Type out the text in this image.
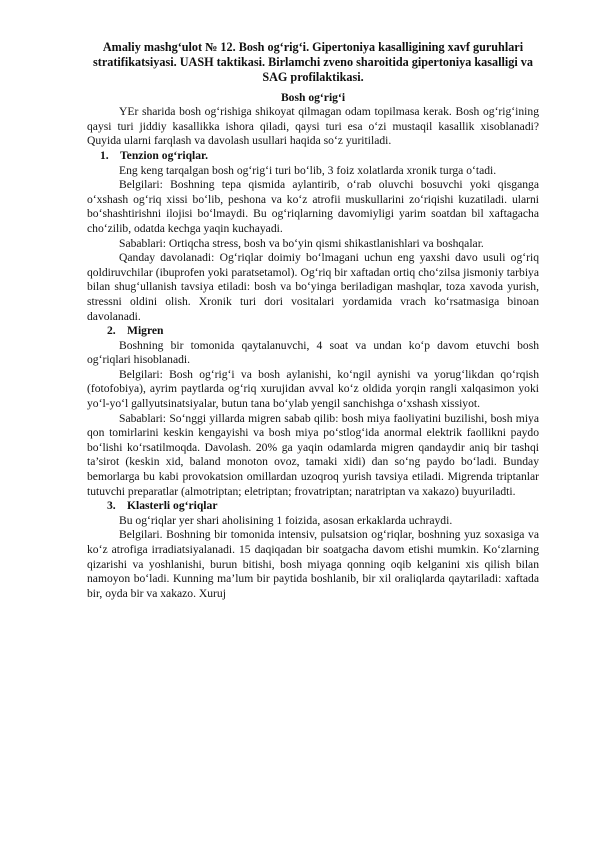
Amaliy mashg‘ulot № 12. Bosh og‘rig‘i. Gipertoniya kasalligining xavf guruhlari stratifikatsiyasi. UASH taktikasi. Birlamchi zveno sharoitida gipertoniya kasalligi va SAG profilaktikasi.
Bosh og‘rig‘i

YEr sharida bosh og‘rishiga shikoyat qilmagan odam topilmasa kerak. Bosh og‘rig‘ining qaysi turi jiddiy kasallikka ishora qiladi, qaysi turi esa o‘zi mustaqil kasallik xisoblanadi? Quyida ularni farqlash va davolash usullari haqida so‘z yuritiladi.

1. Tenzion og‘riqlar.

Eng keng tarqalgan bosh og‘rig‘i turi bo‘lib, 3 foiz xolatlarda xronik turga o‘tadi.

Belgilari: Boshning tepa qismida aylantirib, o‘rab oluvchi bosuvchi yoki qisganga o‘xshash og‘riq xissi bo‘lib, peshona va ko‘z atrofii muskullarini zo‘riqishi kuzatiladi. ularni bo‘shashtirishni ilojisi bo‘lmaydi. Bu og‘riqlarning davomiyligi yarim soatdan bil xaftagacha cho‘zilib, odatda kechga yaqin kuchayadi.

Sabablari: Ortiqcha stress, bosh va bo‘yin qismi shikastlanishlari va boshqalar.

Qanday davolanadi: Og‘riqlar doimiy bo‘lmagani uchun eng yaxshi davo usuli og‘riq qoldiruvchilar (ibuprofen yoki paratsetamol). Og‘riq bir xaftadan ortiq cho‘zilsa jismoniy tarbiya bilan shug‘ullanish tavsiya etiladi: bosh va bo‘yinga beriladigan mashqlar, toza xavoda yurish, stressni oldini olish. Xronik turi dori vositalari yordamida vrach ko‘rsatmasiga binoan davolanadi.

2. Migren

Boshning bir tomonida qaytalanuvchi, 4 soat va undan ko‘p davom etuvchi bosh og‘riqlari hisoblanadi.

Belgilari: Bosh og‘rig‘i va bosh aylanishi, ko‘ngil aynishi va yorug‘likdan qo‘rqish (fotofobiya), ayrim paytlarda og‘riq xurujidan avval ko‘z oldida yorqin rangli xalqasimon yoki yo‘l-yo‘l gallyutsinatsiyalar, butun tana bo‘ylab yengil sanchishga o‘xshash xissiyot.

Sabablari: So‘nggi yillarda migren sabab qilib: bosh miya faoliyatini buzilishi, bosh miya qon tomirlarini keskin kengayishi va bosh miya po‘stlog‘ida anormal elektrik faollikni paydo bo‘lishi ko‘rsatilmoqda. Davolash. 20% ga yaqin odamlarda migren qandaydir aniq bir tashqi ta’sirot (keskin xid, baland monoton ovoz, tamaki xidi) dan so‘ng paydo bo‘ladi. Bunday bemorlarga bu kabi provokatsion omillardan uzoqroq yurish tavsiya etiladi. Migrenda triptanlar tutuvchi preparatlar (almotriptan; eletriptan; frovatriptan; naratriptan va xakazo) buyuriladti.

3. Klasterli og‘riqlar

Bu og‘riqlar yer shari aholisining 1 foizida, asosan erkaklarda uchraydi.

Belgilari. Boshning bir tomonida intensiv, pulsatsion og‘riqlar, boshning yuz soxasiga va ko‘z atrofiga irradiatsiyalanadi. 15 daqiqadan bir soatgacha davom etishi mumkin. Ko‘zlarning qizarishi va yoshlanishi, burun bitishi, bosh miyaga qonning oqib kelganini xis qilish bilan namoyon bo‘ladi. Kunning ma’lum bir paytida boshlanib, bir xil oraliqlarda qaytariladi: xaftada bir, oyda bir va xakazo. Xuruj
